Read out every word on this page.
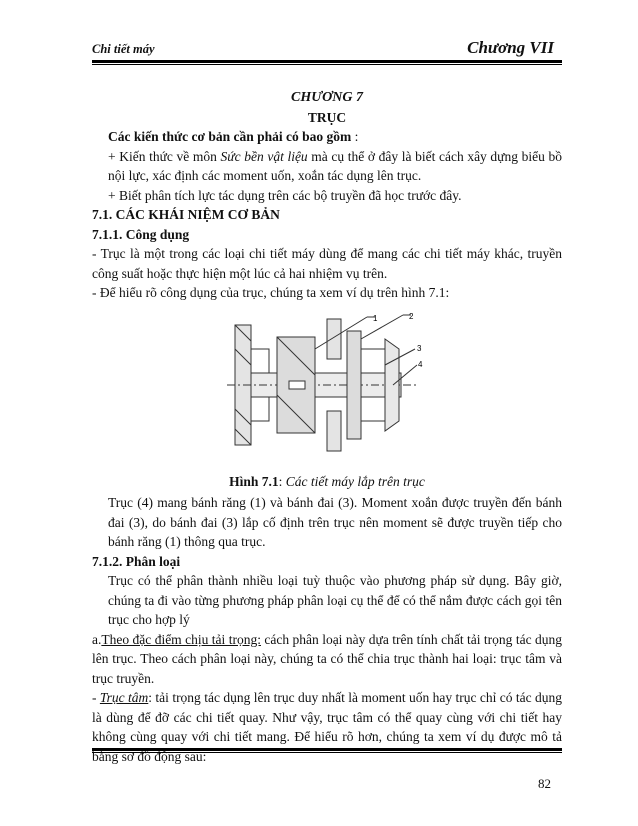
Chi tiết máy	Chương VII

CHƯƠNG 7

TRỤC

Các kiến thức cơ bản cần phải có bao gồm :

+ Kiến thức về môn Sức bền vật liệu mà cụ thể ở đây là biết cách xây dựng biểu bồ nội lực, xác định các moment uốn, xoắn tác dụng lên trục.

+ Biết phân tích lực tác dụng trên các bộ truyền đã học trước đây.

7.1. CÁC KHÁI NIỆM CƠ BẢN

7.1.1. Công dụng

- Trục là một trong các loại chi tiết máy dùng để mang các chi tiết máy khác, truyền công suất hoặc thực hiện một lúc cả hai nhiệm vụ trên.

- Để hiểu rõ công dụng của trục, chúng ta xem ví dụ trên hình 7.1:

1	2
3
4

Hình 7.1: Các tiết máy lắp trên trục

Trục (4) mang bánh răng (1) và bánh đai (3). Moment xoắn được truyền đến bánh đai (3), do bánh đai (3) lắp cố định trên trục nên moment sẽ được truyền tiếp cho bánh răng (1) thông qua trục.

7.1.2. Phân loại

Trục có thể phân thành nhiều loại tuỳ thuộc vào phương pháp sử dụng. Bây giờ, chúng ta đi vào từng phương pháp phân loại cụ thể để có thể nắm được cách gọi tên trục cho hợp lý

a.Theo đặc điểm chịu tải trọng: cách phân loại này dựa trên tính chất tải trọng tác dụng lên trục. Theo cách phân loại này, chúng ta có thể chia trục thành hai loại: trục tâm và trục truyền.

- Trục tâm: tải trọng tác dụng lên trục duy nhất là moment uốn hay trục chỉ có tác dụng là dùng để đỡ các chi tiết quay. Như vậy, trục tâm có thể quay cùng với chi tiết hay không cùng quay với chi tiết mang. Để hiểu rõ hơn, chúng ta xem ví dụ được mô tả bằng sơ đồ động sau:

82
